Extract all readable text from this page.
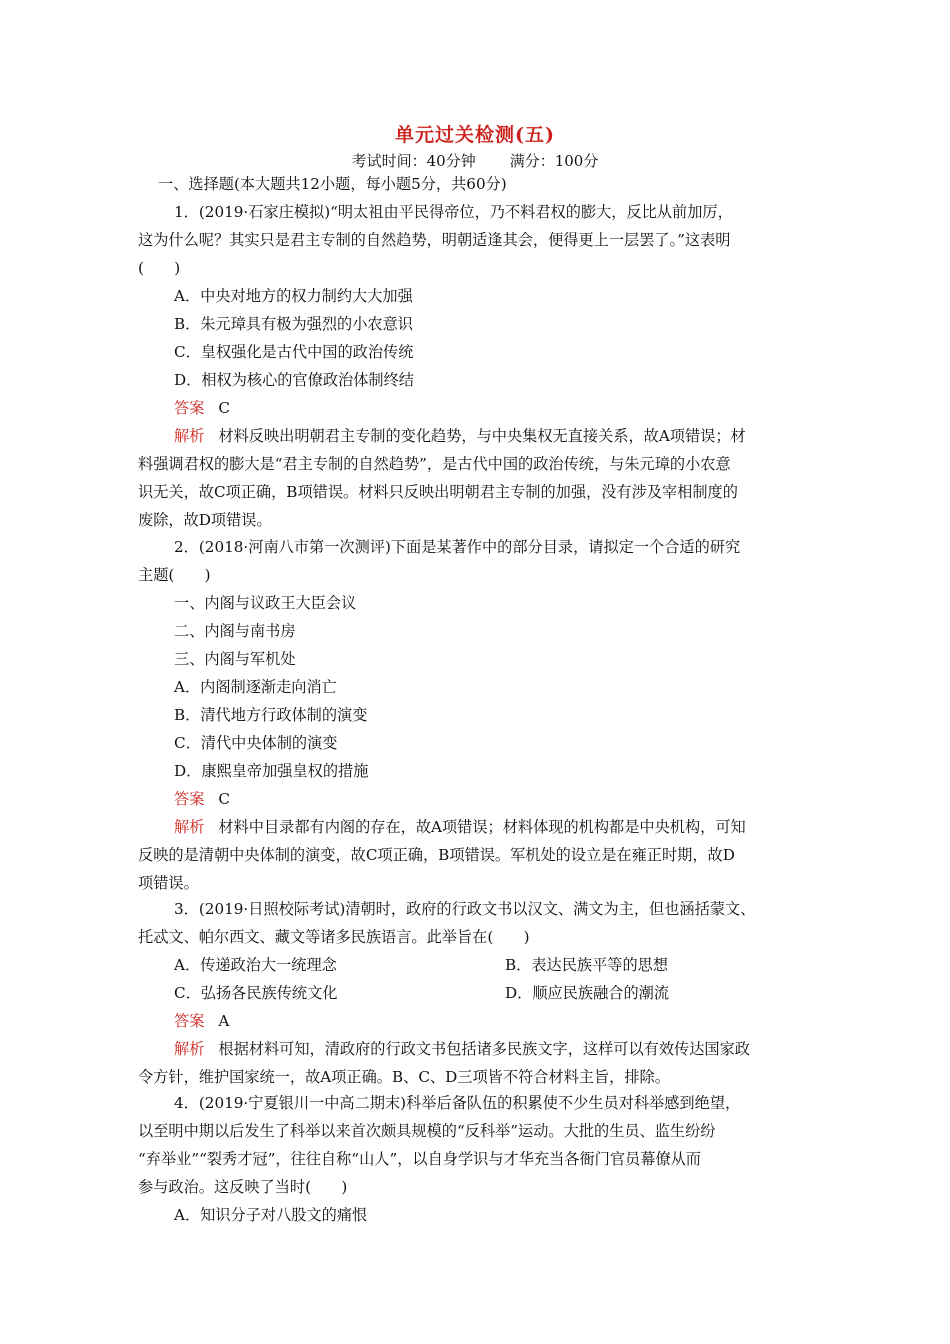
单元过关检测(五)
考试时间：40分钟 满分：100分
一、选择题(本大题共12小题，每小题5分，共60分)
1．(2019·石家庄模拟)“明太祖由平民得帝位，乃不料君权的膨大，反比从前加厉，
这为什么呢？其实只是君主专制的自然趋势，明朝适逢其会，便得更上一层罢了。”这表明
(　　)
A．中央对地方的权力制约大大加强
B．朱元璋具有极为强烈的小农意识
C．皇权强化是古代中国的政治传统
D．相权为核心的官僚政治体制终结
答案 C
解析 材料反映出明朝君主专制的变化趋势，与中央集权无直接关系，故A项错误；材
料强调君权的膨大是“君主专制的自然趋势”，是古代中国的政治传统，与朱元璋的小农意
识无关，故C项正确，B项错误。材料只反映出明朝君主专制的加强，没有涉及宰相制度的
废除，故D项错误。
2．(2018·河南八市第一次测评)下面是某著作中的部分目录，请拟定一个合适的研究
主题(　　)
一、内阁与议政王大臣会议
二、内阁与南书房
三、内阁与军机处
A．内阁制逐渐走向消亡
B．清代地方行政体制的演变
C．清代中央体制的演变
D．康熙皇帝加强皇权的措施
答案 C
解析 材料中目录都有内阁的存在，故A项错误；材料体现的机构都是中央机构，可知
反映的是清朝中央体制的演变，故C项正确，B项错误。军机处的设立是在雍正时期，故D
项错误。
3．(2019·日照校际考试)清朝时，政府的行政文书以汉文、满文为主，但也涵括蒙文、
托忒文、帕尔西文、藏文等诸多民族语言。此举旨在(　　)
A．传递政治大一统理念	B．表达民族平等的思想
C．弘扬各民族传统文化	D．顺应民族融合的潮流
答案 A
解析 根据材料可知，清政府的行政文书包括诸多民族文字，这样可以有效传达国家政
令方针，维护国家统一，故A项正确。B、C、D三项皆不符合材料主旨，排除。
4．(2019·宁夏银川一中高二期末)科举后备队伍的积累使不少生员对科举感到绝望，
以至明中期以后发生了科举以来首次颇具规模的“反科举”运动。大批的生员、监生纷纷
“弃举业”“裂秀才冠”，往往自称“山人”，以自身学识与才华充当各衙门官员幕僚从而
参与政治。这反映了当时(　　)
A．知识分子对八股文的痛恨
